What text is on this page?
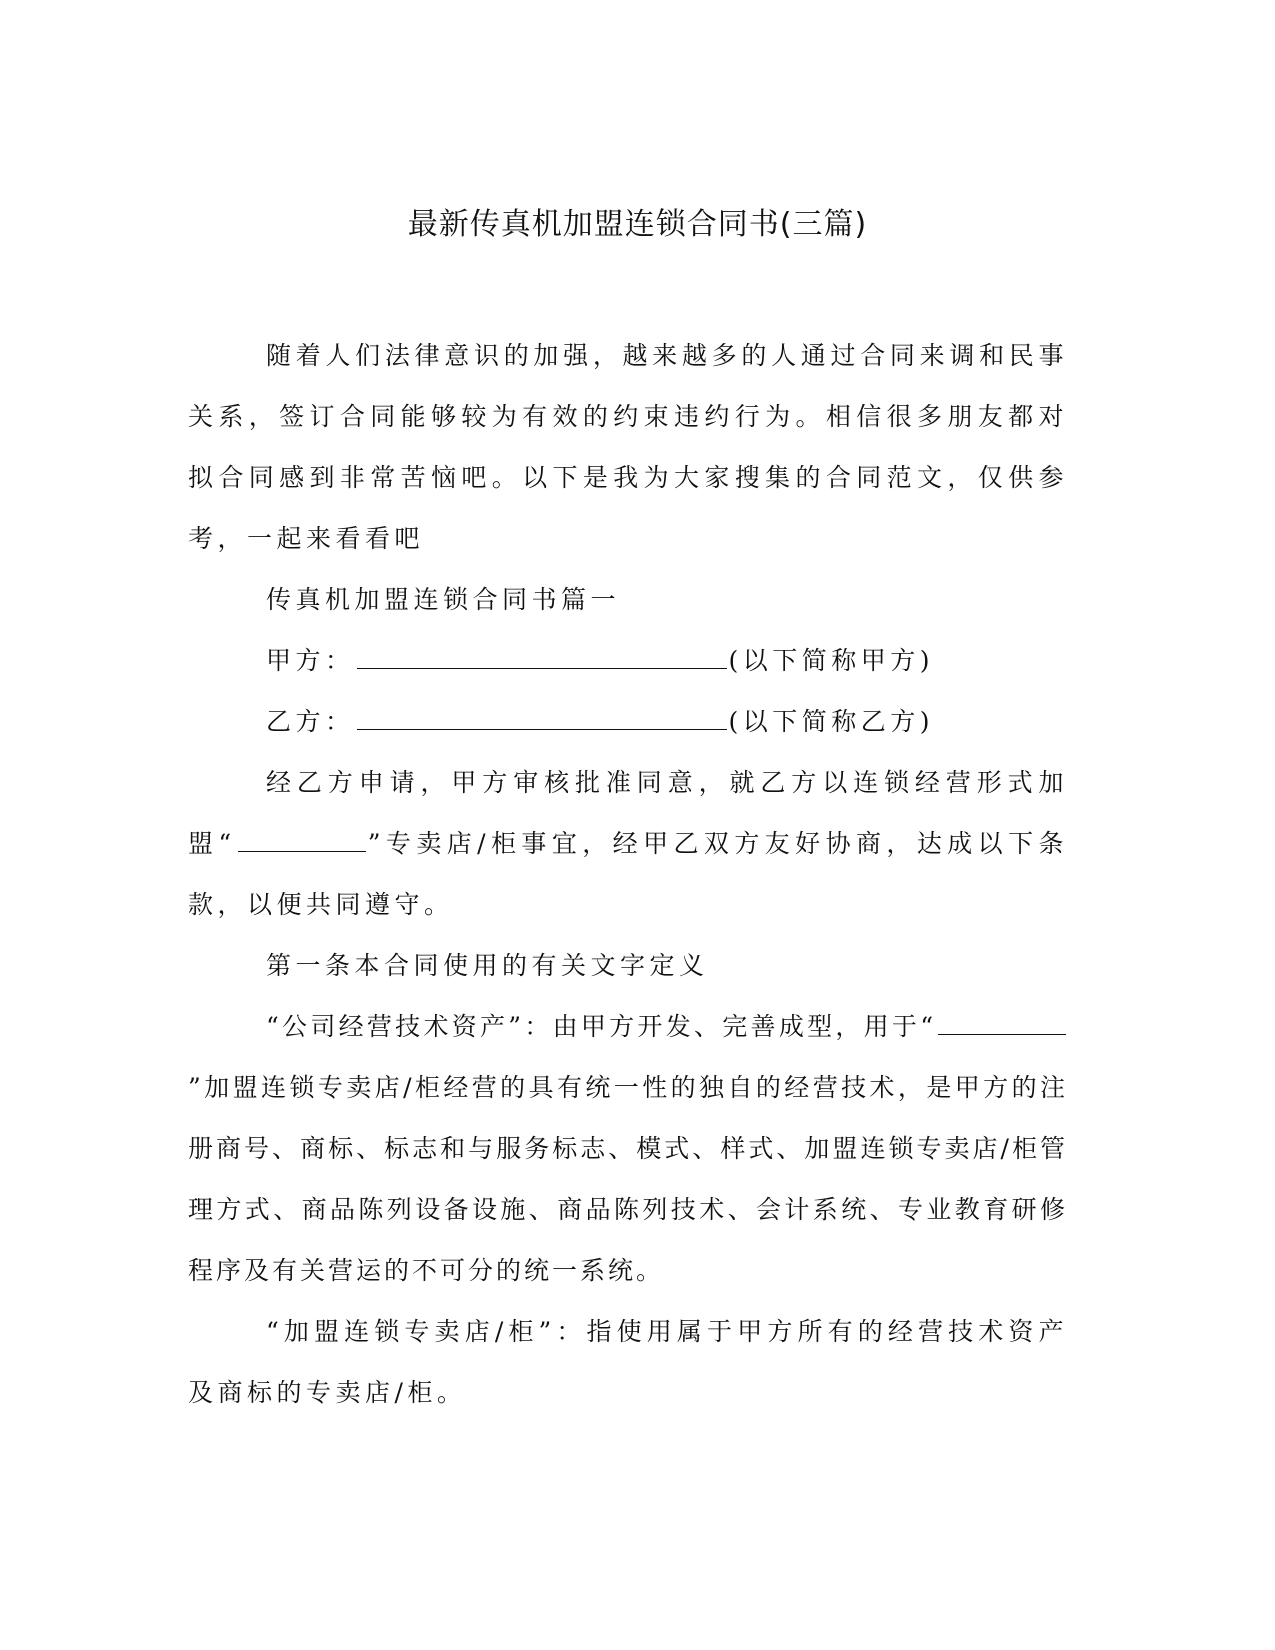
最新传真机加盟连锁合同书(三篇)

随着人们法律意识的加强，越来越多的人通过合同来调和民事关系，签订合同能够较为有效的约束违约行为。相信很多朋友都对拟合同感到非常苦恼吧。以下是我为大家搜集的合同范文，仅供参考，一起来看看吧

传真机加盟连锁合同书篇一

甲方：	(以下简称甲方)

乙方：	(以下简称乙方)

经乙方申请，甲方审核批准同意，就乙方以连锁经营形式加盟“	”专卖店/柜事宜，经甲乙双方友好协商，达成以下条款，以便共同遵守。

第一条本合同使用的有关文字定义

“公司经营技术资产”：由甲方开发、完善成型，用于“”加盟连锁专卖店/柜经营的具有统一性的独自的经营技术，是甲方的注册商号、商标、标志和与服务标志、模式、样式、加盟连锁专卖店/柜管理方式、商品陈列设备设施、商品陈列技术、会计系统、专业教育研修程序及有关营运的不可分的统一系统。

“加盟连锁专卖店/柜”：指使用属于甲方所有的经营技术资产及商标的专卖店/柜。
